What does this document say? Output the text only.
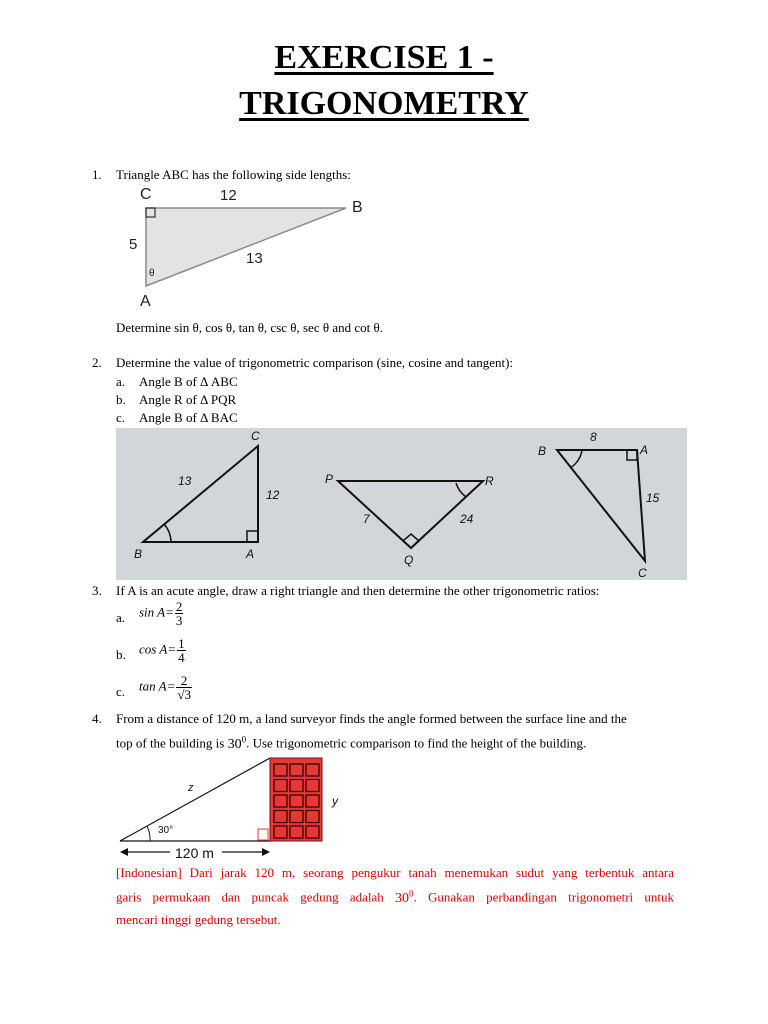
EXERCISE 1 -
TRIGONOMETRY
1. Triangle ABC has the following side lengths:
C
B
A
12
5
13
θ
Determine sin θ, cos θ, tan θ, csc θ, sec θ and cot θ.
2. Determine the value of trigonometric comparison (sine, cosine and tangent):
a. Angle B of Δ ABC
b. Angle R of Δ PQR
c. Angle B of Δ BAC
C
B	A
13
12
P	R
Q
7	24
B	A
C
8
15
3. If A is an acute angle, draw a right triangle and then determine the other trigonometric ratios:
a. $\sin A= \frac{2}{3}$
b. $\cos A= \frac{1}{4}$
c. $\tan A= \frac{2}{√3}$
4. From a distance of 120 m, a land surveyor finds the angle formed between the surface line and the
top of the building is $30^0$. Use trigonometric comparison to find the height of the building.
30°
z
y
120 m
[Indonesian] Dari jarak 120 m, seorang pengukur tanah menemukan sudut yang terbentuk antara
garis permukaan dan puncak gedung adalah $30^0$. Gunakan perbandingan trigonometri untuk
mencari tinggi gedung tersebut.
